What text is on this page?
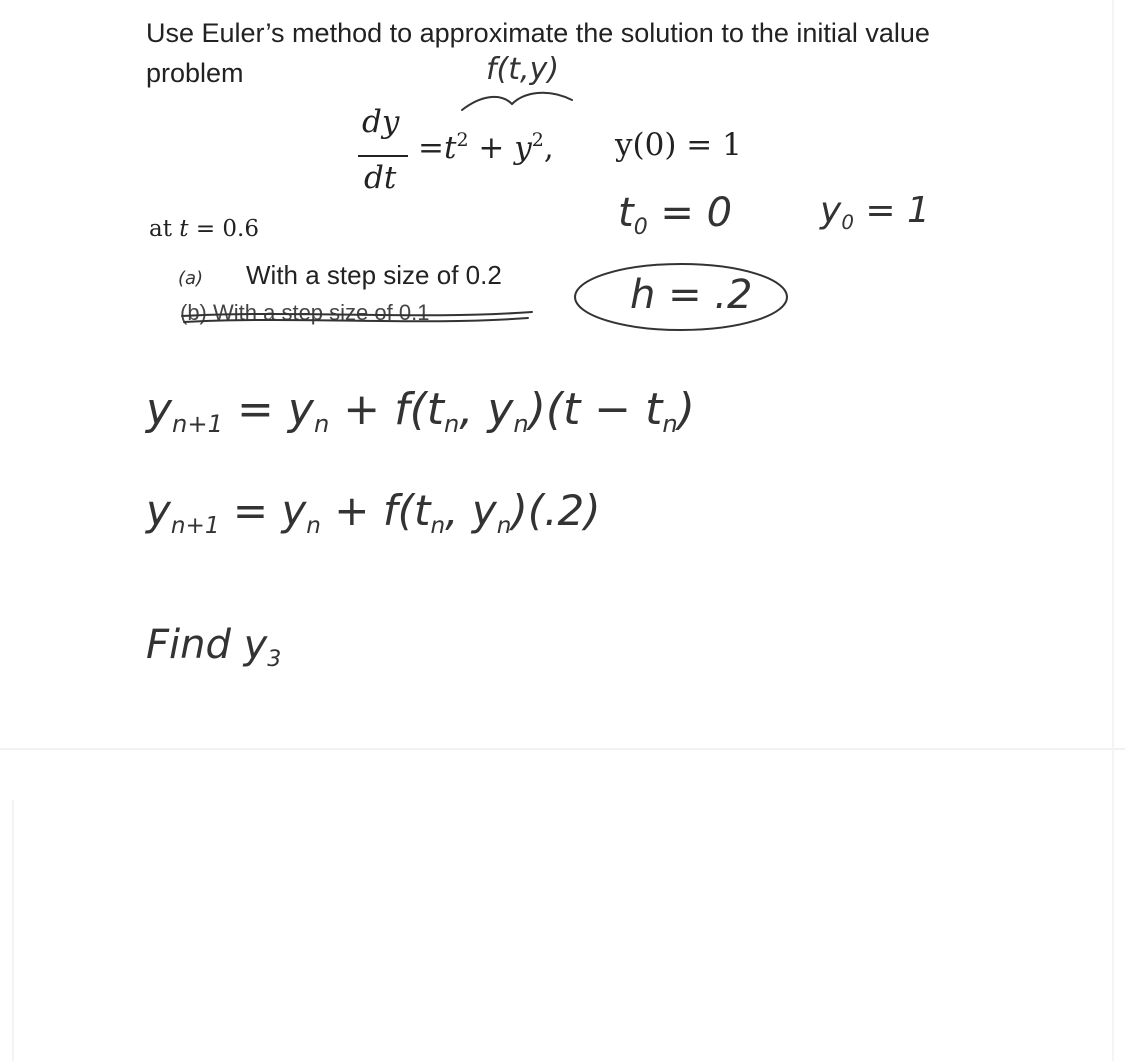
Use Euler’s method to approximate the solution to the initial value
problem
dy
dt
$=t^2 + y^2$, y(0) = 1
at t = 0.6
(a) With a step size of 0.2
(b) With a step size of 0.1
f(t,y)
t0 = 0 y0 = 1
h = .2
yn+1 = yn + f(tn, yn)(t − tn)
yn+1 = yn + f(tn, yn)(.2)
Find y3
